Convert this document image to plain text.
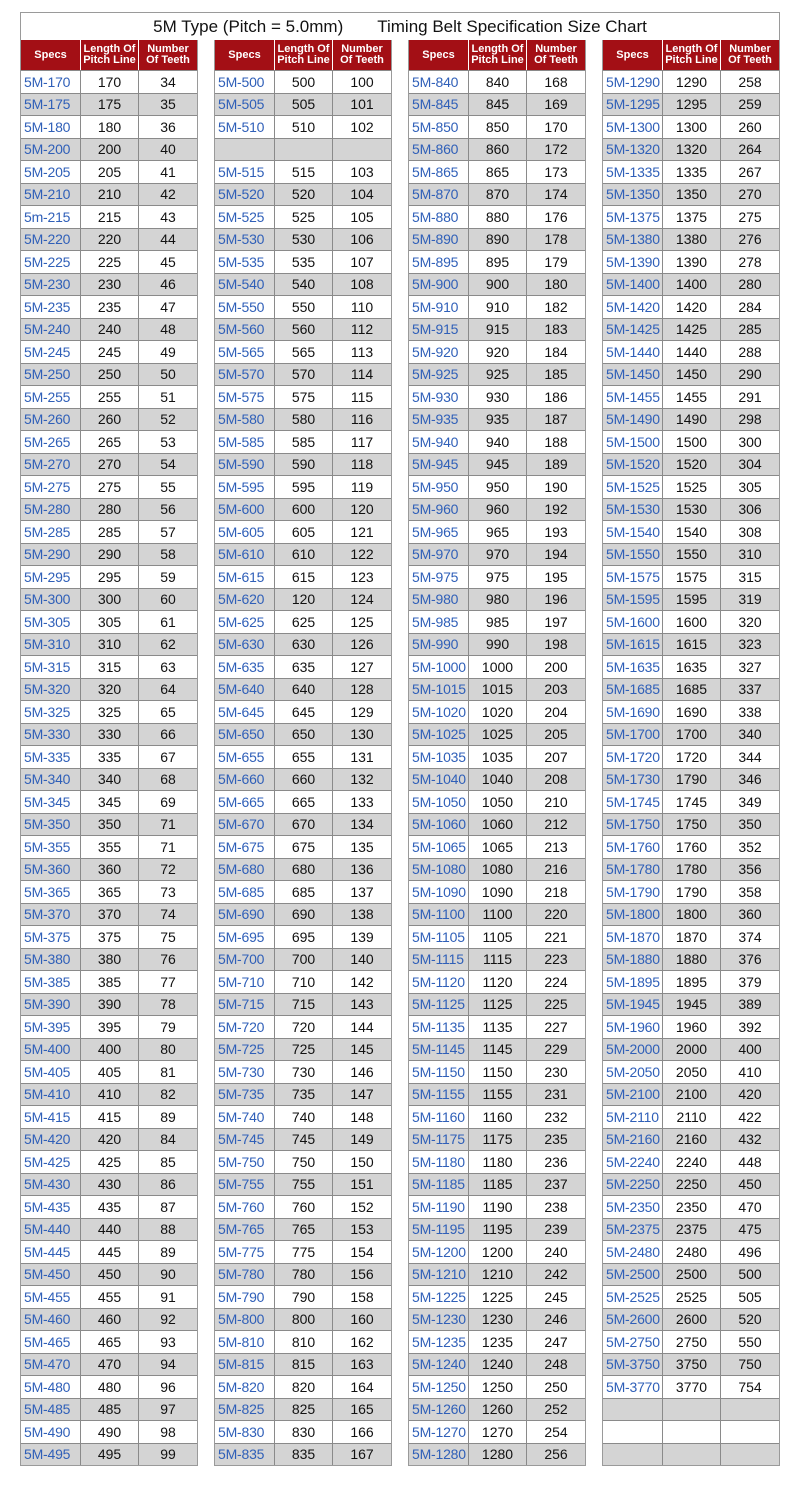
5M Type (Pitch = 5.0mm) Timing Belt Specification Size Chart
Specs	Length Of
Pitch Line
Number
Of Teeth
5M-170	170	34
5M-175	175	35
5M-180	180	36
5M-200	200	40
5M-205	205	41
5M-210	210	42
5m-215	215	43
5M-220	220	44
5M-225	225	45
5M-230	230	46
5M-235	235	47
5M-240	240	48
5M-245	245	49
5M-250	250	50
5M-255	255	51
5M-260	260	52
5M-265	265	53
5M-270	270	54
5M-275	275	55
5M-280	280	56
5M-285	285	57
5M-290	290	58
5M-295	295	59
5M-300	300	60
5M-305	305	61
5M-310	310	62
5M-315	315	63
5M-320	320	64
5M-325	325	65
5M-330	330	66
5M-335	335	67
5M-340	340	68
5M-345	345	69
5M-350	350	71
5M-355	355	71
5M-360	360	72
5M-365	365	73
5M-370	370	74
5M-375	375	75
5M-380	380	76
5M-385	385	77
5M-390	390	78
5M-395	395	79
5M-400	400	80
5M-405	405	81
5M-410	410	82
5M-415	415	89
5M-420	420	84
5M-425	425	85
5M-430	430	86
5M-435	435	87
5M-440	440	88
5M-445	445	89
5M-450	450	90
5M-455	455	91
5M-460	460	92
5M-465	465	93
5M-470	470	94
5M-480	480	96
5M-485	485	97
5M-490	490	98
5M-495	495	99
Specs	Length Of
Pitch Line
Number
Of Teeth
5M-500	500	100
5M-505	505	101
5M-510	510	102
5M-515	515	103
5M-520	520	104
5M-525	525	105
5M-530	530	106
5M-535	535	107
5M-540	540	108
5M-550	550	110
5M-560	560	112
5M-565	565	113
5M-570	570	114
5M-575	575	115
5M-580	580	116
5M-585	585	117
5M-590	590	118
5M-595	595	119
5M-600	600	120
5M-605	605	121
5M-610	610	122
5M-615	615	123
5M-620	120	124
5M-625	625	125
5M-630	630	126
5M-635	635	127
5M-640	640	128
5M-645	645	129
5M-650	650	130
5M-655	655	131
5M-660	660	132
5M-665	665	133
5M-670	670	134
5M-675	675	135
5M-680	680	136
5M-685	685	137
5M-690	690	138
5M-695	695	139
5M-700	700	140
5M-710	710	142
5M-715	715	143
5M-720	720	144
5M-725	725	145
5M-730	730	146
5M-735	735	147
5M-740	740	148
5M-745	745	149
5M-750	750	150
5M-755	755	151
5M-760	760	152
5M-765	765	153
5M-775	775	154
5M-780	780	156
5M-790	790	158
5M-800	800	160
5M-810	810	162
5M-815	815	163
5M-820	820	164
5M-825	825	165
5M-830	830	166
5M-835	835	167
Specs	Length Of
Pitch Line
Number
Of Teeth
5M-840	840	168
5M-845	845	169
5M-850	850	170
5M-860	860	172
5M-865	865	173
5M-870	870	174
5M-880	880	176
5M-890	890	178
5M-895	895	179
5M-900	900	180
5M-910	910	182
5M-915	915	183
5M-920	920	184
5M-925	925	185
5M-930	930	186
5M-935	935	187
5M-940	940	188
5M-945	945	189
5M-950	950	190
5M-960	960	192
5M-965	965	193
5M-970	970	194
5M-975	975	195
5M-980	980	196
5M-985	985	197
5M-990	990	198
5M-1000	1000	200
5M-1015	1015	203
5M-1020	1020	204
5M-1025	1025	205
5M-1035	1035	207
5M-1040	1040	208
5M-1050	1050	210
5M-1060	1060	212
5M-1065	1065	213
5M-1080	1080	216
5M-1090	1090	218
5M-1100	1100	220
5M-1105	1105	221
5M-1115	1115	223
5M-1120	1120	224
5M-1125	1125	225
5M-1135	1135	227
5M-1145	1145	229
5M-1150	1150	230
5M-1155	1155	231
5M-1160	1160	232
5M-1175	1175	235
5M-1180	1180	236
5M-1185	1185	237
5M-1190	1190	238
5M-1195	1195	239
5M-1200	1200	240
5M-1210	1210	242
5M-1225	1225	245
5M-1230	1230	246
5M-1235	1235	247
5M-1240	1240	248
5M-1250	1250	250
5M-1260	1260	252
5M-1270	1270	254
5M-1280	1280	256
Specs	Length Of
Pitch Line
Number
Of Teeth
5M-1290	1290	258
5M-1295	1295	259
5M-1300	1300	260
5M-1320	1320	264
5M-1335	1335	267
5M-1350	1350	270
5M-1375	1375	275
5M-1380	1380	276
5M-1390	1390	278
5M-1400	1400	280
5M-1420	1420	284
5M-1425	1425	285
5M-1440	1440	288
5M-1450	1450	290
5M-1455	1455	291
5M-1490	1490	298
5M-1500	1500	300
5M-1520	1520	304
5M-1525	1525	305
5M-1530	1530	306
5M-1540	1540	308
5M-1550	1550	310
5M-1575	1575	315
5M-1595	1595	319
5M-1600	1600	320
5M-1615	1615	323
5M-1635	1635	327
5M-1685	1685	337
5M-1690	1690	338
5M-1700	1700	340
5M-1720	1720	344
5M-1730	1790	346
5M-1745	1745	349
5M-1750	1750	350
5M-1760	1760	352
5M-1780	1780	356
5M-1790	1790	358
5M-1800	1800	360
5M-1870	1870	374
5M-1880	1880	376
5M-1895	1895	379
5M-1945	1945	389
5M-1960	1960	392
5M-2000	2000	400
5M-2050	2050	410
5M-2100	2100	420
5M-2110	2110	422
5M-2160	2160	432
5M-2240	2240	448
5M-2250	2250	450
5M-2350	2350	470
5M-2375	2375	475
5M-2480	2480	496
5M-2500	2500	500
5M-2525	2525	505
5M-2600	2600	520
5M-2750	2750	550
5M-3750	3750	750
5M-3770	3770	754
